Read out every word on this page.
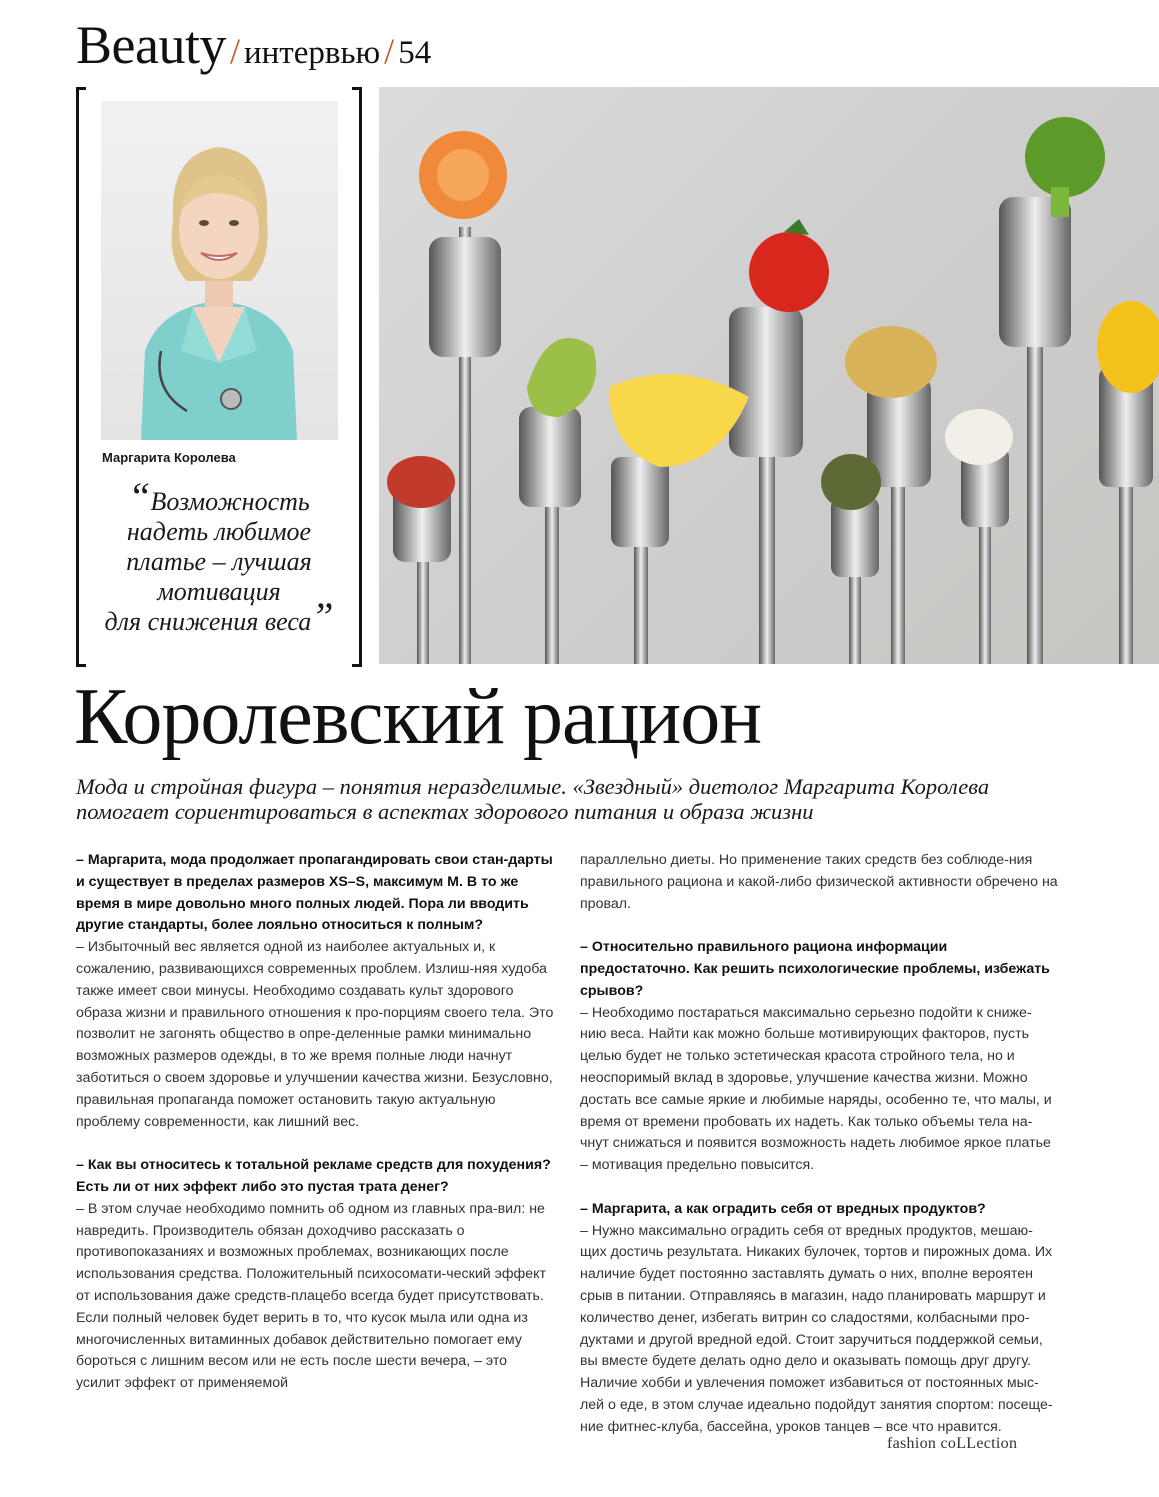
Beauty / интервью / 54
Маргарита Королева
“Возможность
надеть любимое
платье – лучшая
мотивация
для снижения веса”
Королевский рацион
Мода и стройная фигура – понятия неразделимые. «Звездный» диетолог Маргарита Королева помогает сориентироваться в аспектах здорового питания и образа жизни

– Маргарита, мода продолжает пропагандировать свои стан-дарты и существует в пределах размеров XS–S, максимум M. В то же время в мире довольно много полных людей. Пора ли вводить другие стандарты, более лояльно относиться к полным?

– Избыточный вес является одной из наиболее актуальных и, к сожалению, развивающихся современных проблем. Излиш-няя худоба также имеет свои минусы. Необходимо создавать культ здорового образа жизни и правильного отношения к про-порциям своего тела. Это позволит не загонять общество в опре-деленные рамки минимально возможных размеров одежды, в то же время полные люди начнут заботиться о своем здоровье и улучшении качества жизни. Безусловно, правильная пропаганда поможет остановить такую актуальную проблему современности, как лишний вес.

– Как вы относитесь к тотальной рекламе средств для похудения? Есть ли от них эффект либо это пустая трата денег?

– В этом случае необходимо помнить об одном из главных пра-вил: не навредить. Производитель обязан доходчиво рассказать о противопоказаниях и возможных проблемах, возникающих после использования средства. Положительный психосомати-ческий эффект от использования даже средств-плацебо всегда будет присутствовать. Если полный человек будет верить в то, что кусок мыла или одна из многочисленных витаминных добавок действительно помогает ему бороться с лишним весом или не есть после шести вечера, – это усилит эффект от применяемой

параллельно диеты. Но применение таких средств без соблюде-ния правильного рациона и какой-либо физической активности обречено на провал.

– Относительно правильного рациона информации предостаточно. Как решить психологические проблемы, избежать срывов?

– Необходимо постараться максимально серьезно подойти к сниже-нию веса. Найти как можно больше мотивирующих факторов, пусть целью будет не только эстетическая красота стройного тела, но и неоспоримый вклад в здоровье, улучшение качества жизни. Можно достать все самые яркие и любимые наряды, особенно те, что малы, и время от времени пробовать их надеть. Как только объемы тела на-чнут снижаться и появится возможность надеть любимое яркое платье – мотивация предельно повысится.

– Маргарита, а как оградить себя от вредных продуктов?

– Нужно максимально оградить себя от вредных продуктов, мешаю-щих достичь результата. Никаких булочек, тортов и пирожных дома. Их наличие будет постоянно заставлять думать о них, вполне вероятен срыв в питании. Отправляясь в магазин, надо планировать маршрут и количество денег, избегать витрин со сладостями, колбасными про-дуктами и другой вредной едой. Стоит заручиться поддержкой семьи, вы вместе будете делать одно дело и оказывать помощь друг другу. Наличие хобби и увлечения поможет избавиться от постоянных мыс-лей о еде, в этом случае идеально подойдут занятия спортом: посеще-ние фитнес-клуба, бассейна, уроков танцев – все что нравится.

fashion coLLection
